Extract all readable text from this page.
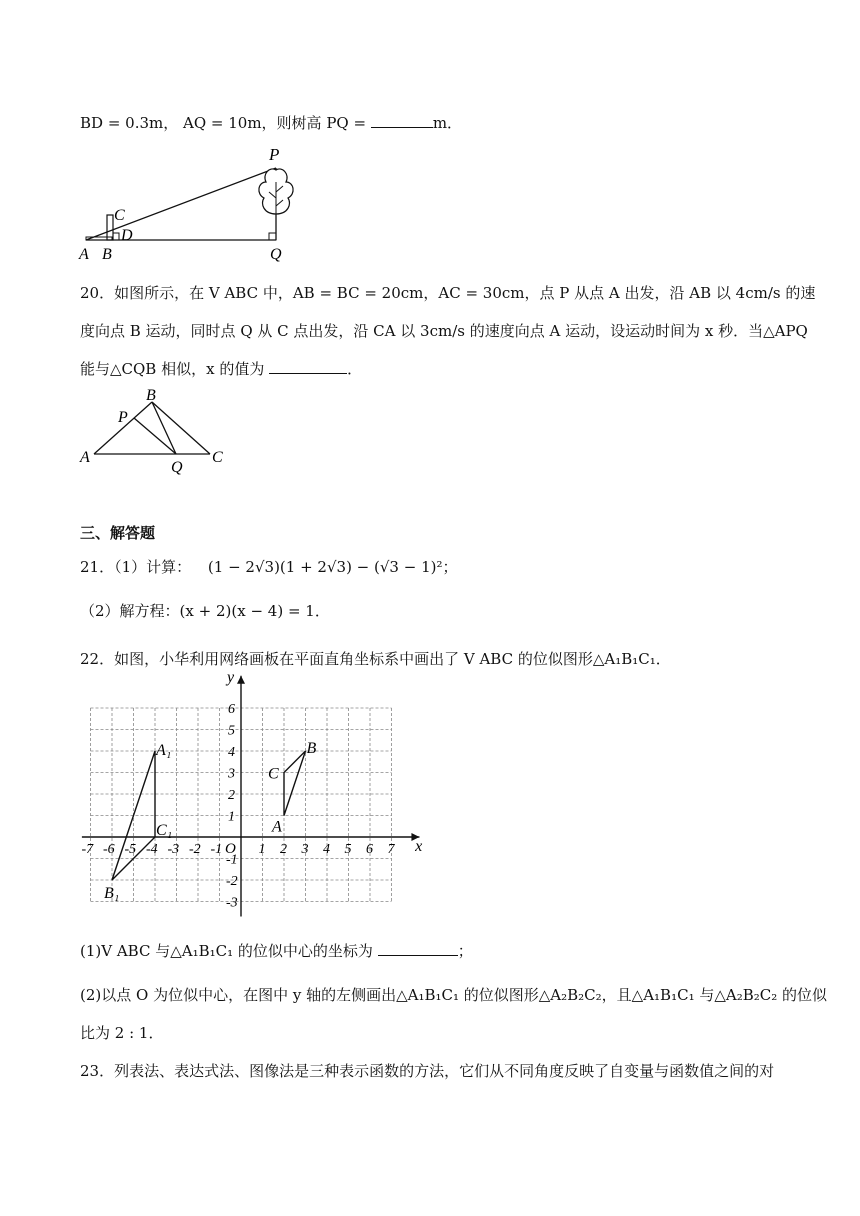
BD = 0.3m， AQ = 10m，则树高 PQ =	m．
P
C
D
A B	Q
20．如图所示，在 V ABC 中，AB = BC = 20cm，AC = 30cm，点 P 从点 A 出发，沿 AB 以 4cm/s 的速
度向点 B 运动，同时点 Q 从 C 点出发，沿 CA 以 3cm/s 的速度向点 A 运动，设运动时间为 x 秒．当△APQ
能与△CQB 相似，x 的值为	．
B
P
A
Q
C
三、解答题
21．（1）计算： (1 − 2√3)(1 + 2√3) − (√3 − 1)²；
（2）解方程：(x + 2)(x − 4) = 1．
22．如图，小华利用网络画板在平面直角坐标系中画出了 V ABC 的位似图形△A₁B₁C₁．
x
y
O
-7 -6 -5 -4 -3 -2 -1	1 2 3 4 5 6 7
6
5
4
3
2
1
-1
-2
-3
A₁
B₁
C₁	A
B
C
(1)V ABC 与△A₁B₁C₁ 的位似中心的坐标为	；
(2)以点 O 为位似中心，在图中 y 轴的左侧画出△A₁B₁C₁ 的位似图形△A₂B₂C₂，且△A₁B₁C₁ 与△A₂B₂C₂ 的位似
比为 2 : 1．
23．列表法、表达式法、图像法是三种表示函数的方法，它们从不同角度反映了自变量与函数值之间的对
